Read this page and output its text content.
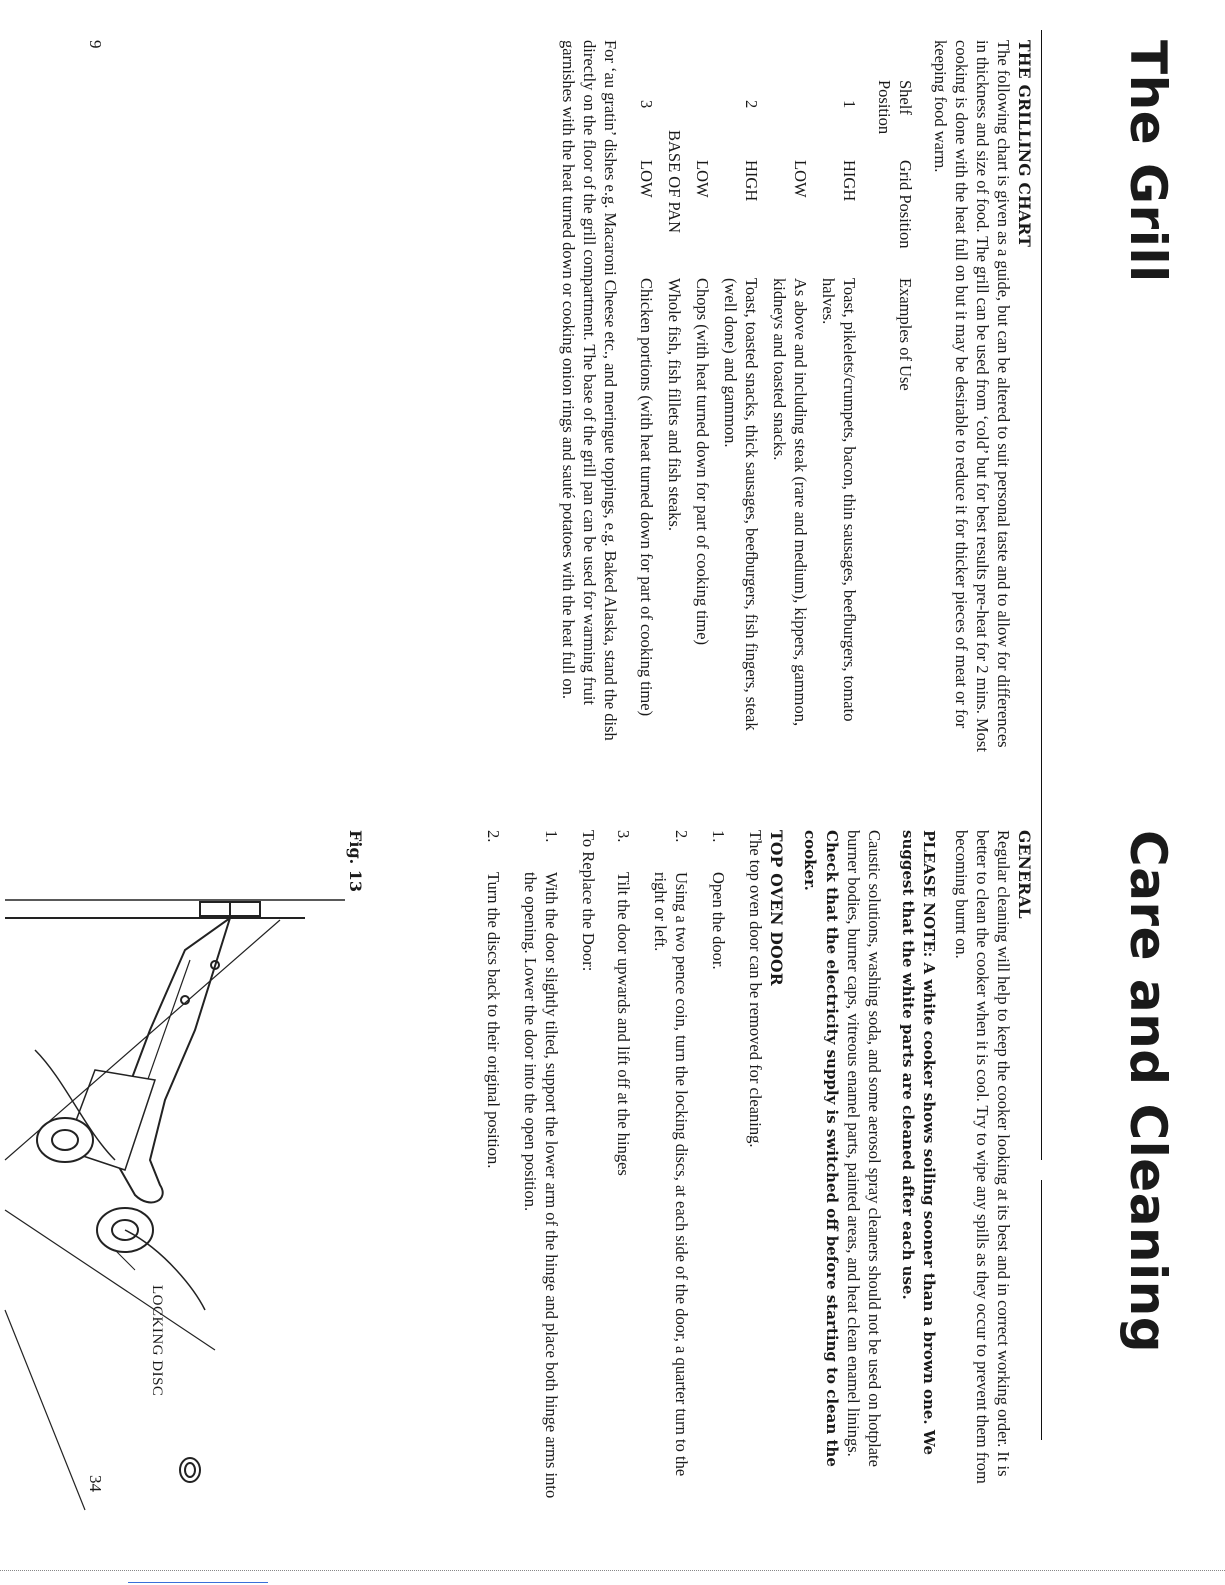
The Grill
THE GRILLING CHART

The following chart is given as a guide, but can be altered to suit personal taste and to allow for differences in thickness and size of food. The grill can be used from ‘cold’ but for best results pre-heat for 2 mins. Most cooking is done with the heat full on but it may be desirable to reduce it for thicker pieces of meat or for keeping food warm.

Shelf Position
Grid Position
Examples of Use
1
HIGH
Toast, pikelets/crumpets, bacon, thin sausages, beefburgers, tomato halves.
LOW
As above and including steak (rare and medium), kippers, gammon, kidneys and toasted snacks.
2
HIGH
Toast, toasted snacks, thick sausages, beefburgers, fish fingers, steak (well done) and gammon.
LOW
Chops (with heat turned down for part of cooking time)
BASE OF PAN
Whole fish, fish fillets and fish steaks.
3
LOW
Chicken portions (with heat turned down for part of cooking time)

For ‘au gratin’ dishes e.g. Macaroni Cheese etc., and meringue toppings, e.g. Baked Alaska, stand the dish directly on the floor of the grill compartment. The base of the grill pan can be used for warming fruit garnishes with the heat turned down or cooking onion rings and sauté potatoes with the heat full on.

Care and Cleaning
GENERAL

Regular cleaning will help to keep the cooker looking at its best and in correct working order. It is better to clean the cooker when it is cool. Try to wipe any spills as they occur to prevent them from becoming burnt on.

PLEASE NOTE: A white cooker shows soiling sooner than a brown one. We suggest that the white parts are cleaned after each use.

Caustic solutions, washing soda, and some aerosol spray cleaners should not be used on hotplate burner bodies, burner caps, vitreous enamel parts, painted areas, and heat clean enamel linings. Check that the electricity supply is switched off before starting to clean the cooker.

TOP OVEN DOOR

The top oven door can be removed for cleaning.

1.
Open the door.
2.
Using a two pence coin, turn the locking discs, at each side of the door, a quarter turn to the right or left.
3.
Tilt the door upwards and lift off at the hinges

To Replace the Door:

1.
With the door slightly tilted, support the lower arm of the hinge and place both hinge arms into the opening. Lower the door into the open position.
2.
Turn the discs back to their original position.
Fig. 13
LOCKING DISC
9
34
